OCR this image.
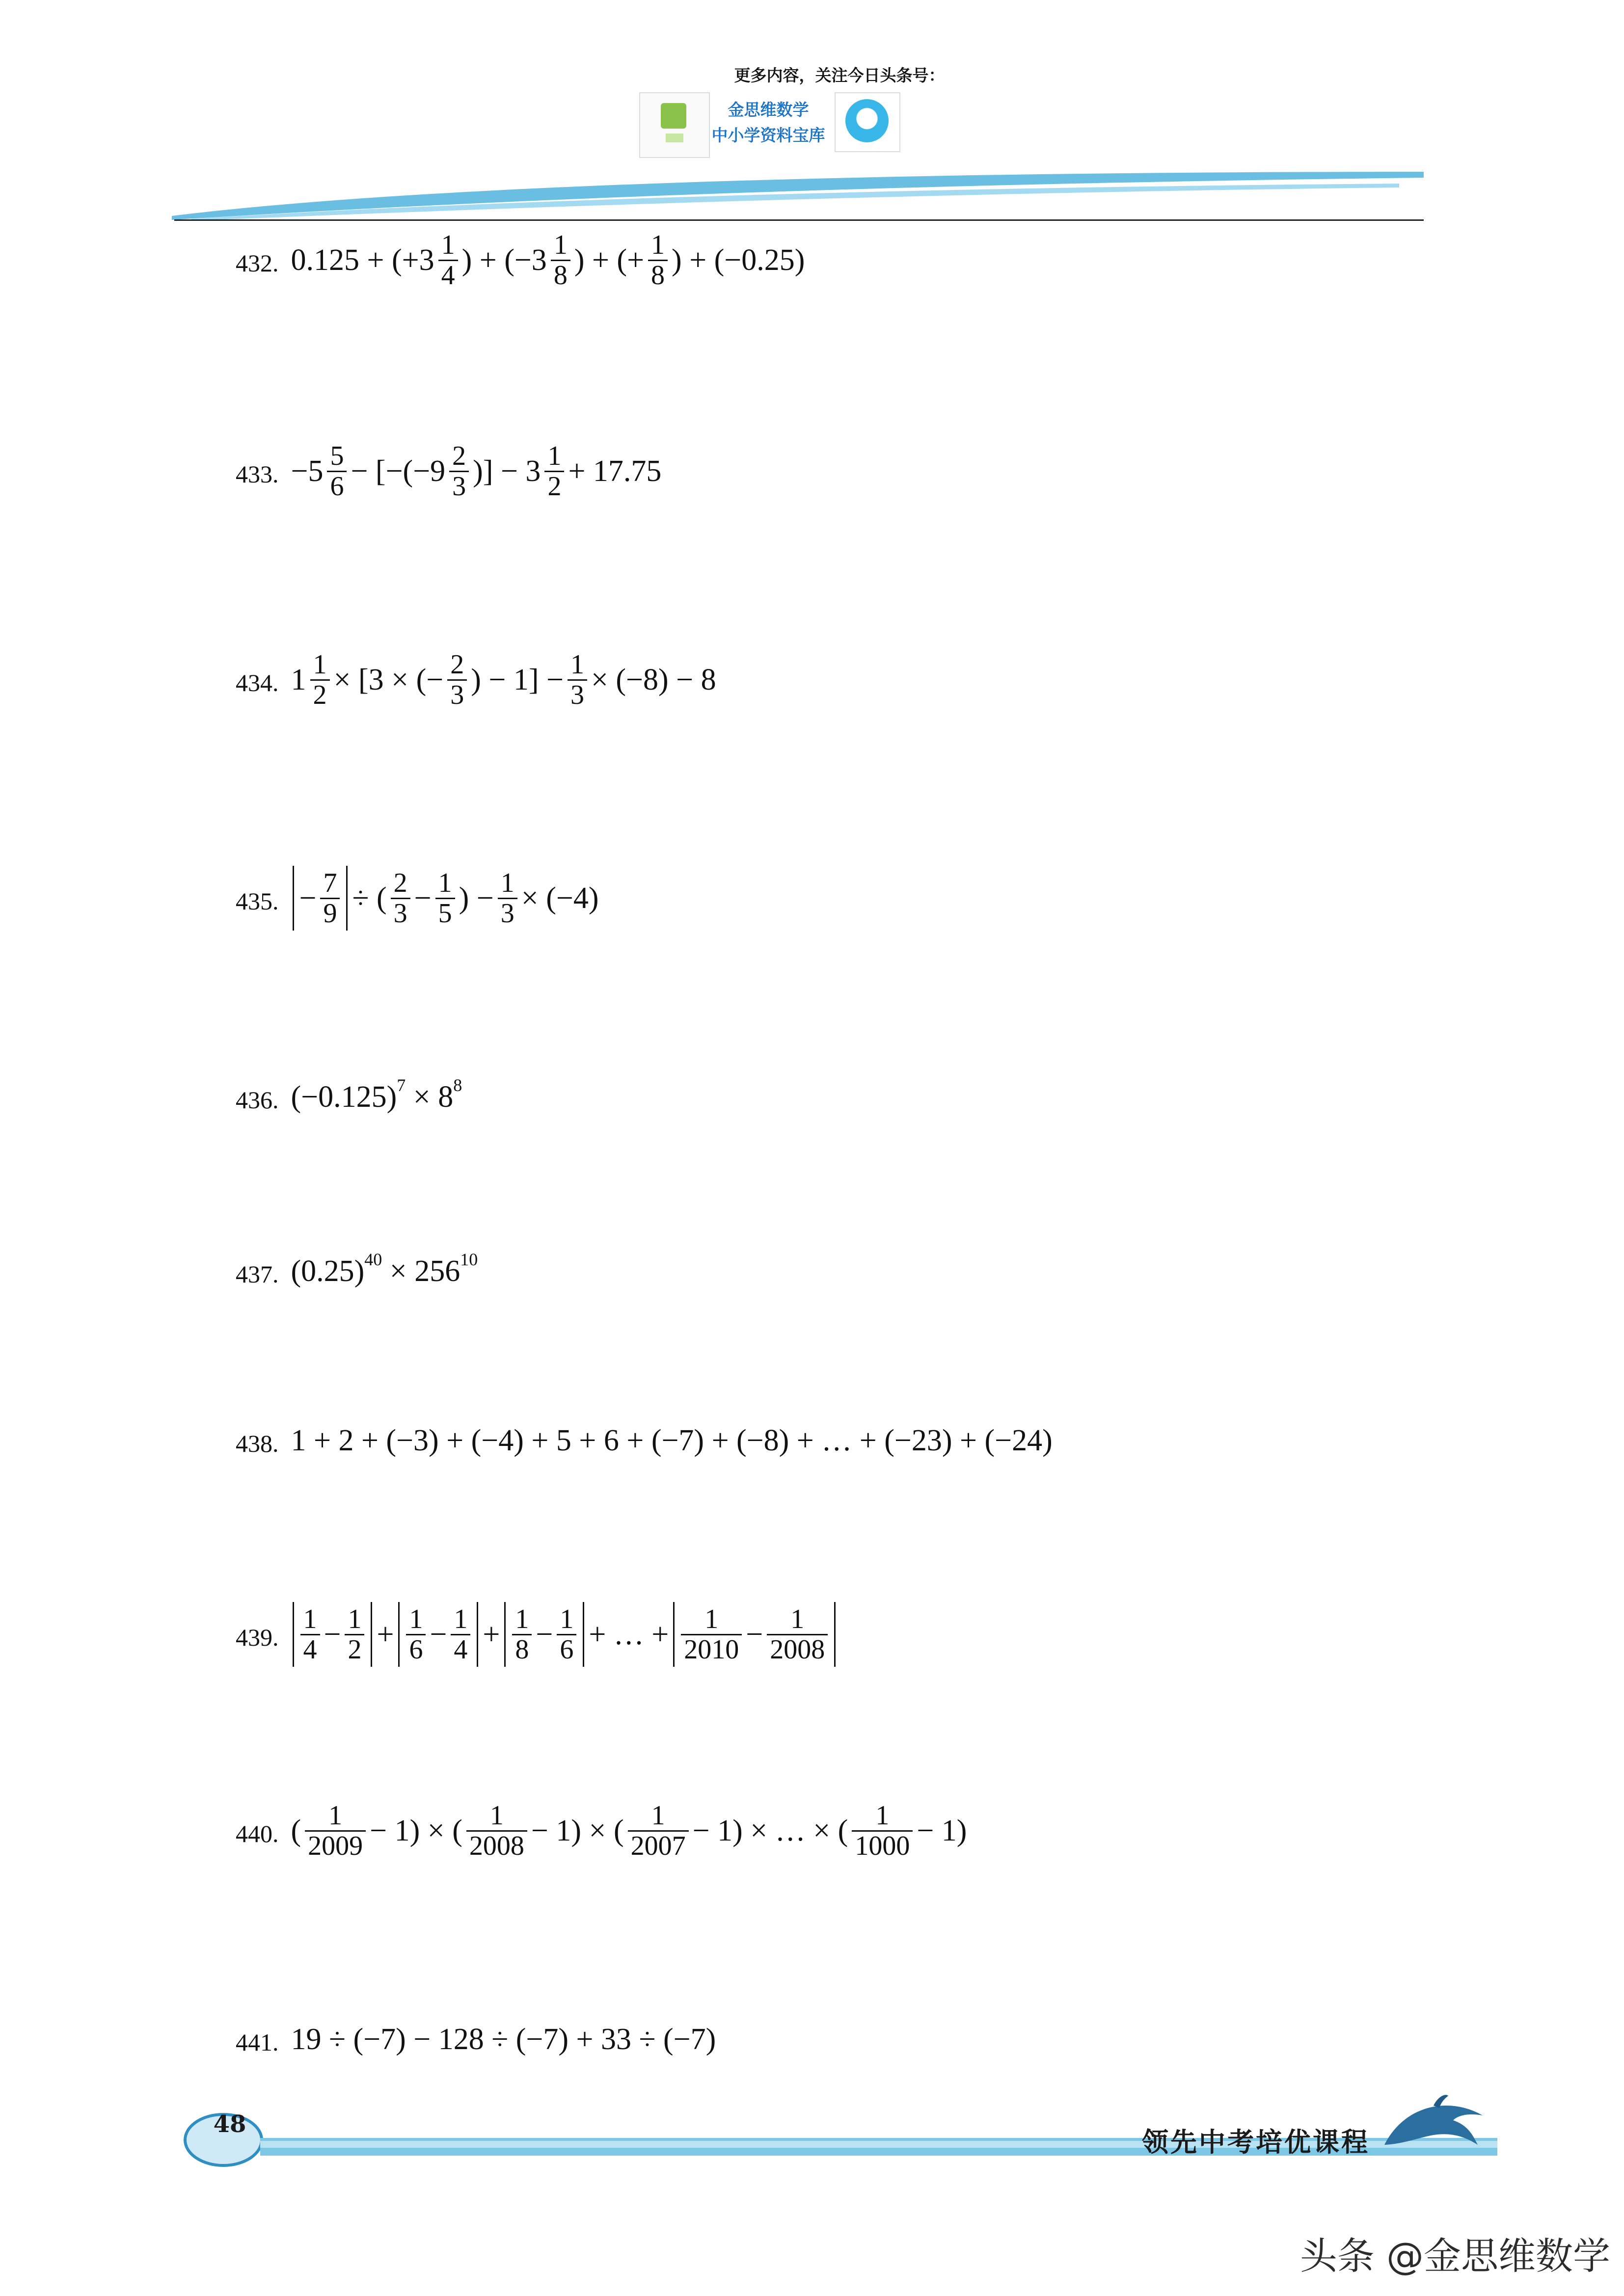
更多内容，关注今日头条号：
金思维数学
中小学资料宝库
432. $0.125 + (+3 \frac{1}{4}$ ) + ($-3 \frac{1}{8}$ ) + (+ $\frac{1}{8}$ ) + (−0.25)
433. $-5 \frac{5}{6} - [-(-9 \frac{2}{3}$ )] − $3 \frac{1}{2} + 17.75$
434. $1 \frac{1}{2} \times [3$ × (− $\frac{2}{3}$ ) − $1] - \frac{1}{3} \times (-8) - 8$
435. − $\frac{7}{9}$ ÷ ( $\frac{2}{3} - \frac{1}{5}$ ) − $\frac{1}{3} \times (-4)$
436. $(-0.125)^7 \times 8^8$
437. $(0.25)^{40} \times 256^{10}$
438. 1 + 2 + (−3) + (−4) + 5 + 6 + (−7) + (−8) + … + (−23) + (−24)
439. $\frac{1}{4} - \frac{1}{2} + \frac{1}{6} - \frac{1}{4} + \frac{1}{8} - \frac{1}{6}$ + … + $\frac{1}{2010} - \frac{1}{2008}$
440. ( $\frac{1}{2009} - 1$) × ( $\frac{1}{2008} - 1$) × ( $\frac{1}{2007} - 1$) × … × ( $\frac{1}{1000} - 1$)
441. 19 ÷ (−7) − 128 ÷ (−7) + 33 ÷ (−7)
48
领先中考培优课程
头条 @金思维数学
